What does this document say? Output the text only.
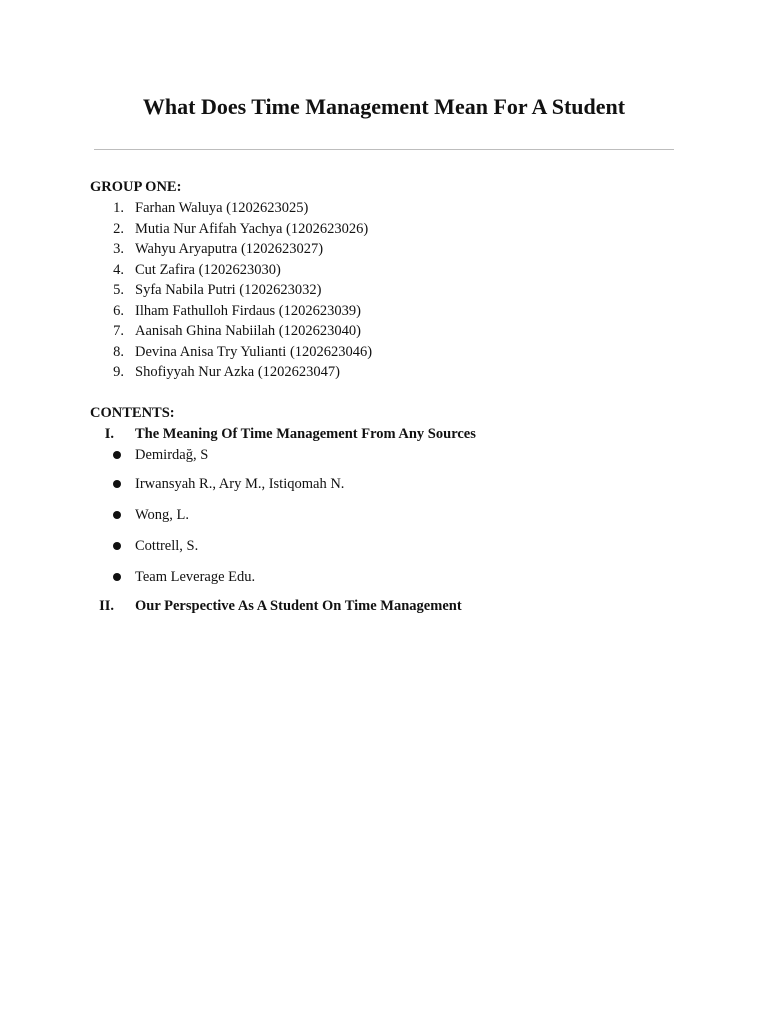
What Does Time Management Mean For A Student
GROUP ONE:
1. Farhan Waluya (1202623025)
2. Mutia Nur Afifah Yachya (1202623026)
3. Wahyu Aryaputra (1202623027)
4. Cut Zafira (1202623030)
5. Syfa Nabila Putri (1202623032)
6. Ilham Fathulloh Firdaus (1202623039)
7. Aanisah Ghina Nabiilah (1202623040)
8. Devina Anisa Try Yulianti (1202623046)
9. Shofiyyah Nur Azka (1202623047)
CONTENTS:
I. The Meaning Of Time Management From Any Sources
Demirdağ, S
Irwansyah R., Ary M., Istiqomah N.
Wong, L.
Cottrell, S.
Team Leverage Edu.
II. Our Perspective As A Student On Time Management
